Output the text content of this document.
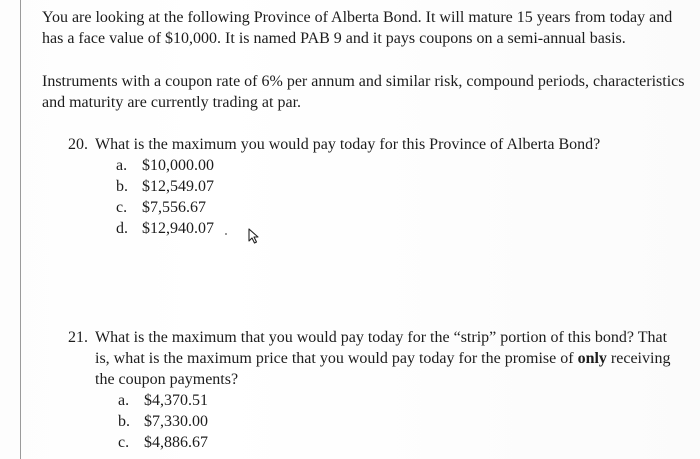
You are looking at the following Province of Alberta Bond. It will mature 15 years from today and has a face value of $10,000. It is named PAB 9 and it pays coupons on a semi-annual basis.

Instruments with a coupon rate of 6% per annum and similar risk, compound periods, characteristics and maturity are currently trading at par.

20. What is the maximum you would pay today for this Province of Alberta Bond?
a. $10,000.00
b. $12,549.07
c. $7,556.67
d. $12,940.07
21. What is the maximum that you would pay today for the “strip” portion of this bond? That is, what is the maximum price that you would pay today for the promise of only receiving the coupon payments?
a. $4,370.51
b. $7,330.00
c. $4,886.67
